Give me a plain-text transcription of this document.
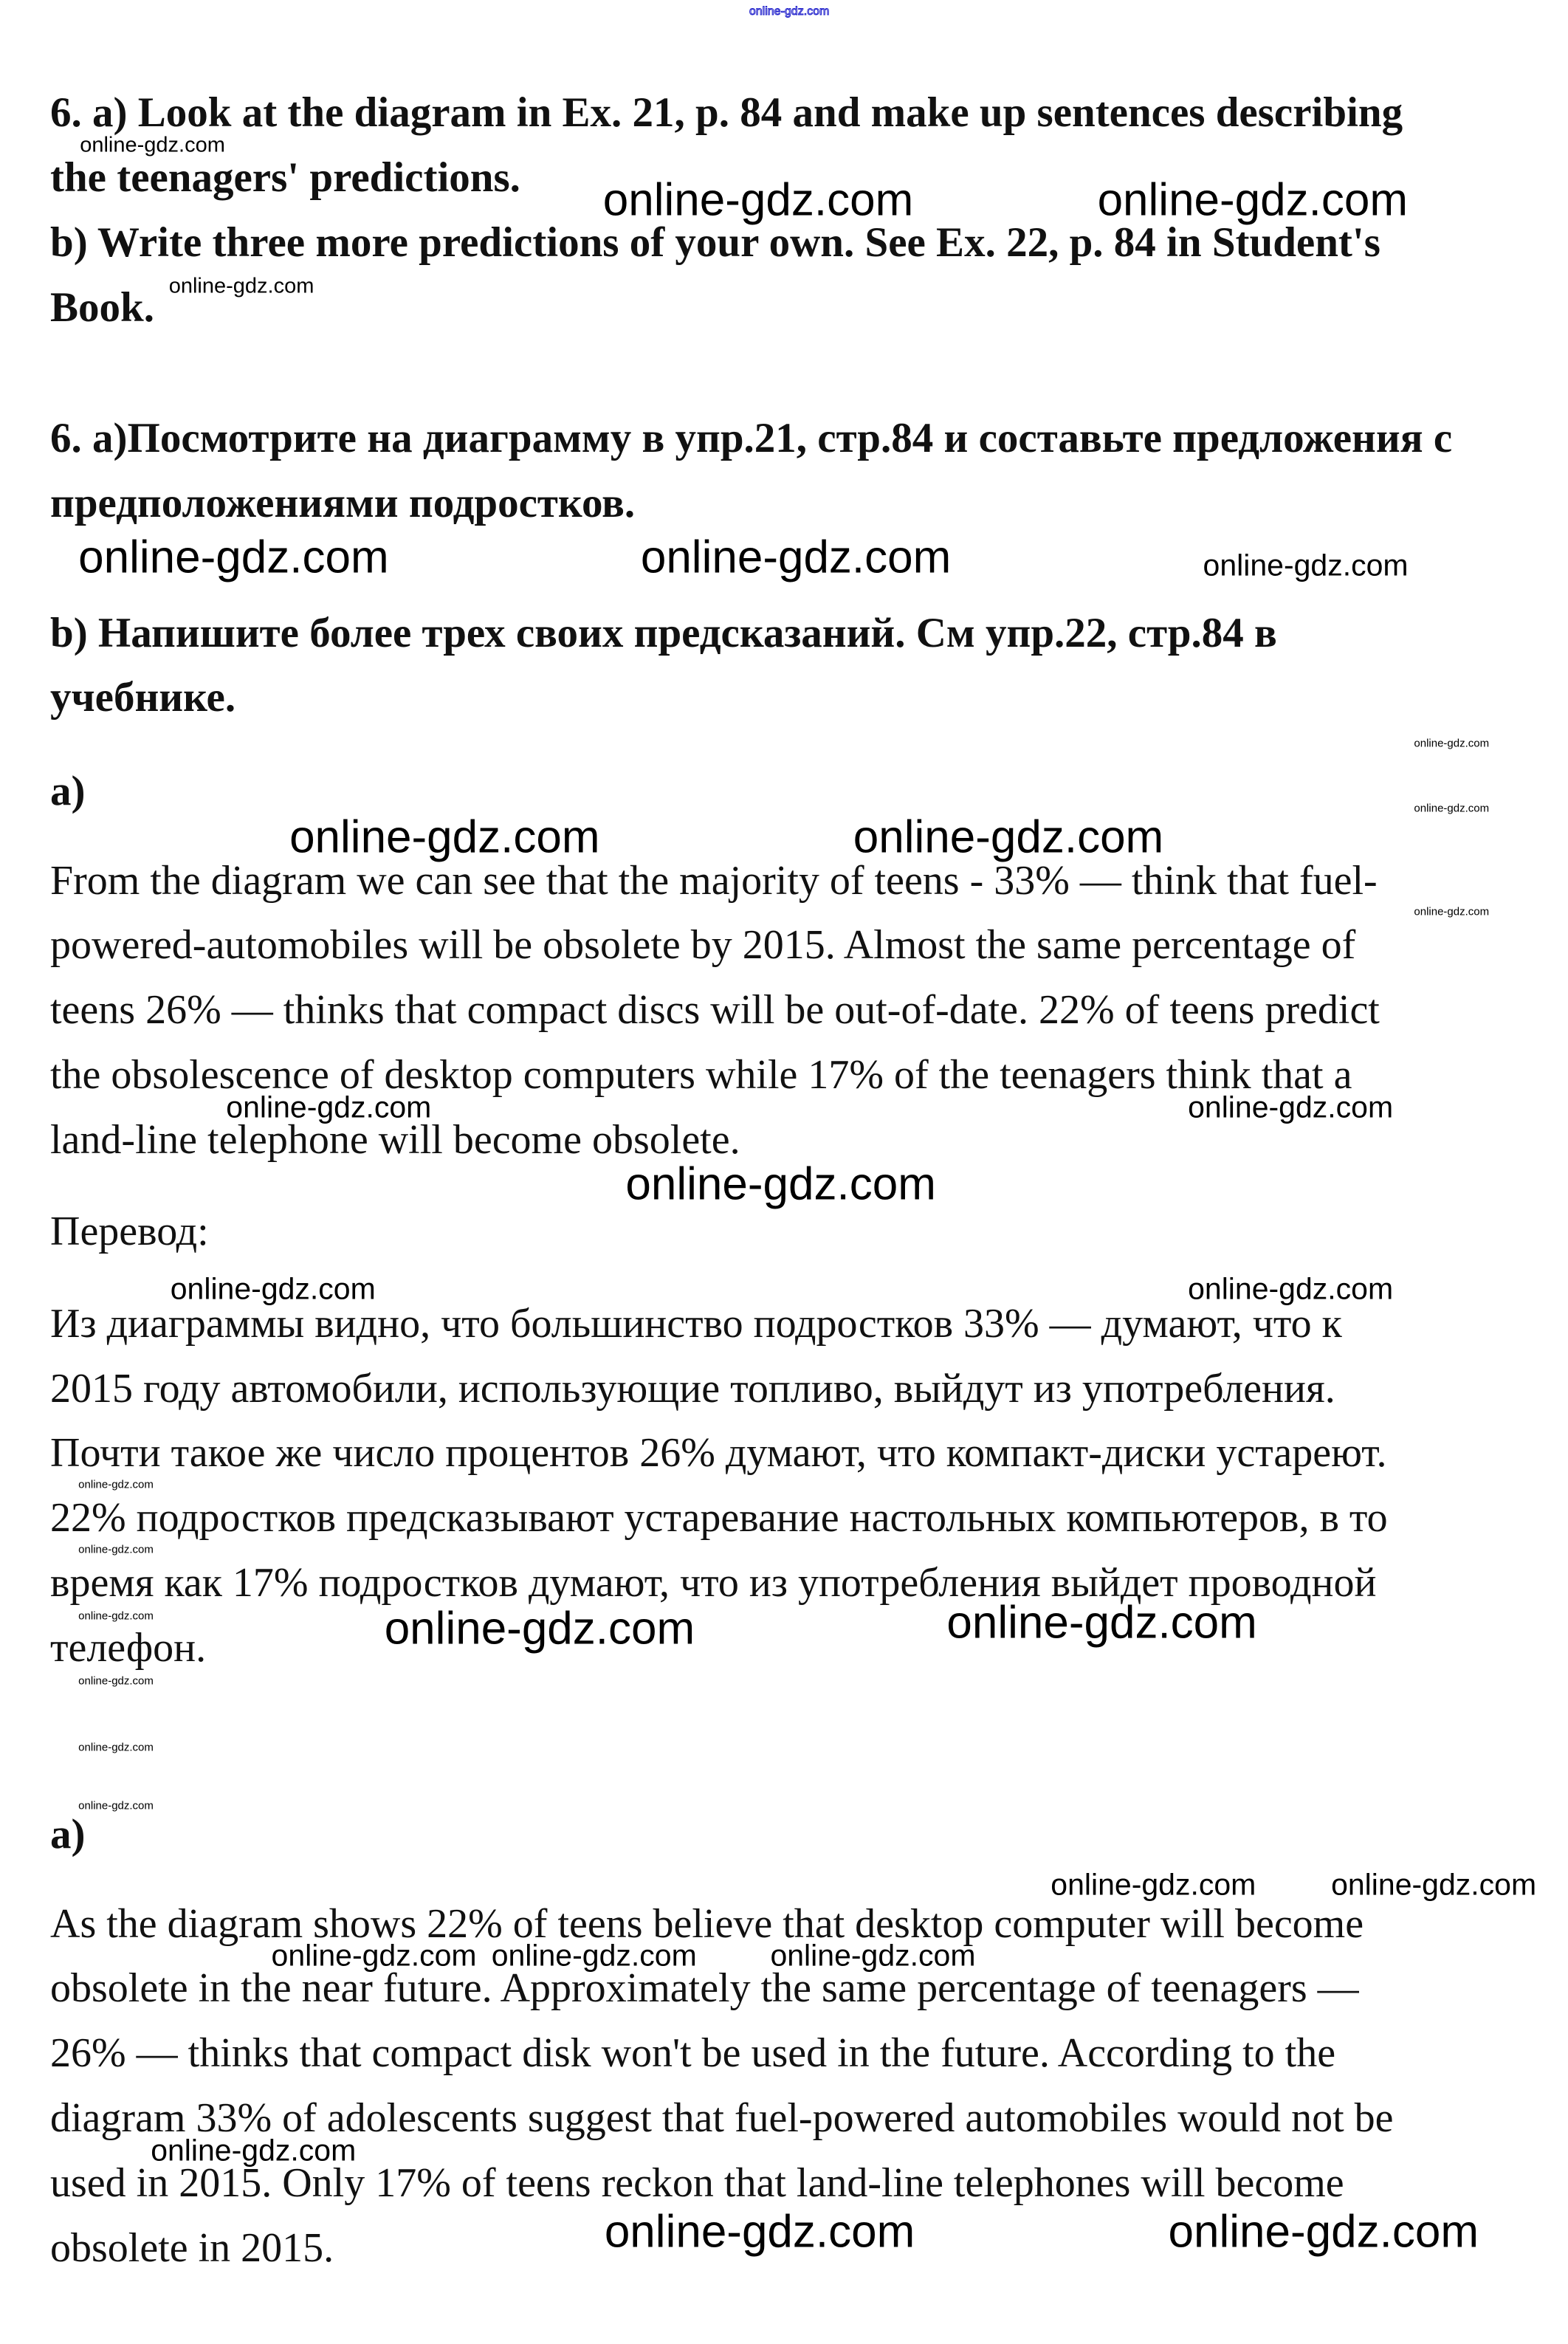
6. a) Look at the diagram in Ex. 21, p. 84 and make up sentences describing
the teenagers' predictions.
b) Write three more predictions of your own. See Ex. 22, p. 84 in Student's
Book.
6. а)Посмотрите на диаграмму в упр.21, стр.84 и составьте предложения с
предположениями подростков.
b) Напишите более трех своих предсказаний. См упр.22, стр.84 в
учебнике.
a)
From the diagram we can see that the majority of teens - 33% — think that fuel-
powered-automobiles will be obsolete by 2015. Almost the same percentage of
teens 26% — thinks that compact discs will be out-of-date. 22% of teens predict
the obsolescence of desktop computers while 17% of the teenagers think that a
land-line telephone will become obsolete.
Перевод:
Из диаграммы видно, что большинство подростков 33% — думают, что к
2015 году автомобили, использующие топливо, выйдут из употребления.
Почти такое же число процентов 26% думают, что компакт-диски устареют.
22% подростков предсказывают устаревание настольных компьютеров, в то
время как 17% подростков думают, что из употребления выйдет проводной
телефон.
a)
As the diagram shows 22% of teens believe that desktop computer will become
obsolete in the near future. Approximately the same percentage of teenagers —
26% — thinks that compact disk won't be used in the future. According to the
diagram 33% of adolescents suggest that fuel-powered automobiles would not be
used in 2015. Only 17% of teens reckon that land-line telephones will become
obsolete in 2015.
online-gdz.com
online-gdz.com
online-gdz.com
online-gdz.com	online-gdz.com
online-gdz.com	online-gdz.com	online-gdz.com
online-gdz.com
online-gdz.com
online-gdz.com
online-gdz.com	online-gdz.com
online-gdz.com	online-gdz.com
online-gdz.com
online-gdz.com	online-gdz.com
online-gdz.com
online-gdz.com
online-gdz.com
online-gdz.com
online-gdz.com
online-gdz.com
online-gdz.com	online-gdz.com
online-gdz.com online-gdz.com
online-gdz.com online-gdz.com online-gdz.com
online-gdz.com
online-gdz.com	online-gdz.com
